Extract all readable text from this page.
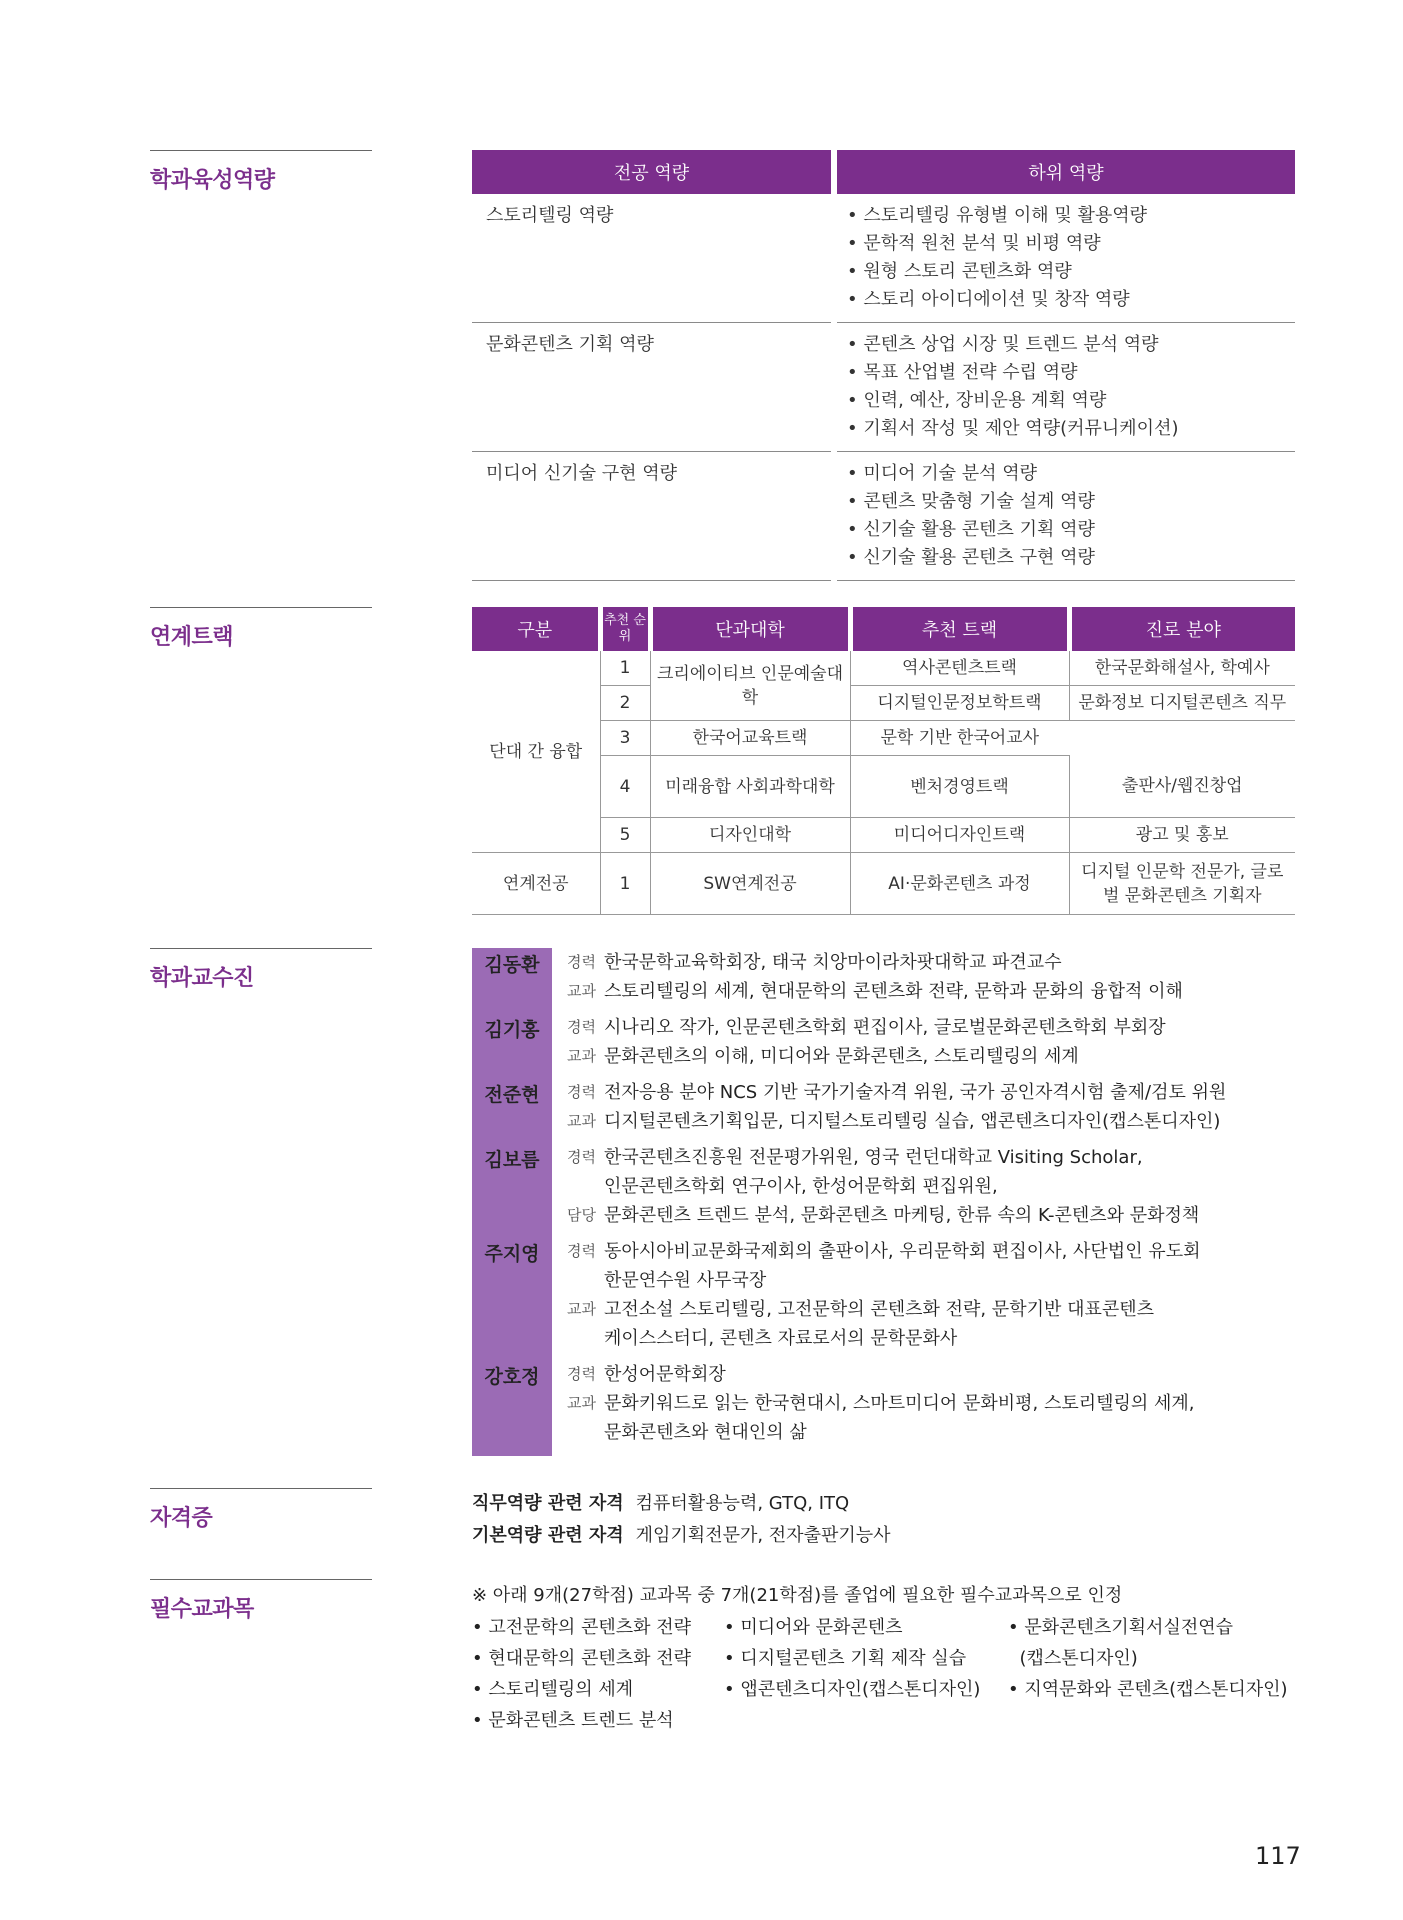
학과육성역량
연계트랙
학과교수진
자격증
필수교과목
전공 역량	하위 역량
스토리텔링 역량	• 스토리텔링 유형별 이해 및 활용역량
• 문학적 원천 분석 및 비평 역량
• 원형 스토리 콘텐츠화 역량
• 스토리 아이디에이션 및 창작 역량

문화콘텐츠 기획 역량	• 콘텐츠 상업 시장 및 트렌드 분석 역량
• 목표 산업별 전략 수립 역량
• 인력, 예산, 장비운용 계획 역량
• 기획서 작성 및 제안 역량(커뮤니케이션)

미디어 신기술 구현 역량	• 미디어 기술 분석 역량
• 콘텐츠 맞춤형 기술 설계 역량
• 신기술 활용 콘텐츠 기획 역량
• 신기술 활용 콘텐츠 구현 역량
구분	추천 순위	단과대학	추천 트랙	진로 분야
단대 간 융합	1	크리에이티브 인문예술대학	역사콘텐츠트랙	한국문화해설사, 학예사
	2		디지털인문정보학트랙	문화정보 디지털콘텐츠 직무
	3	한국어교육트랙	문학 기반 한국어교사	
	4	미래융합 사회과학대학	벤처경영트랙	출판사/웹진창업
	5	디자인대학	미디어디자인트랙	광고 및 홍보
연계전공	1	SW연계전공	AI·문화콘텐츠 과정	디지털 인문학 전문가, 글로벌 문화콘텐츠 기획자
김동환	경력 한국문학교육학회장, 태국 치앙마이라차팟대학교 파견교수
교과 스토리텔링의 세계, 현대문학의 콘텐츠화 전략, 문학과 문화의 융합적 이해
김기홍	경력 시나리오 작가, 인문콘텐츠학회 편집이사, 글로벌문화콘텐츠학회 부회장
교과 문화콘텐츠의 이해, 미디어와 문화콘텐츠, 스토리텔링의 세계
전준현	경력 전자응용 분야 NCS 기반 국가기술자격 위원, 국가 공인자격시험 출제/검토 위원
교과 디지털콘텐츠기획입문, 디지털스토리텔링 실습, 앱콘텐츠디자인(캡스톤디자인)
김보름	경력 한국콘텐츠진흥원 전문평가위원, 영국 런던대학교 Visiting Scholar,
인문콘텐츠학회 연구이사, 한성어문학회 편집위원,
담당 문화콘텐츠 트렌드 분석, 문화콘텐츠 마케팅, 한류 속의 K-콘텐츠와 문화정책
주지영	경력 동아시아비교문화국제회의 출판이사, 우리문학회 편집이사, 사단법인 유도회
한문연수원 사무국장
교과 고전소설 스토리텔링, 고전문학의 콘텐츠화 전략, 문학기반 대표콘텐츠
케이스스터디, 콘텐츠 자료로서의 문학문화사
강호정	경력 한성어문학회장
교과 문화키워드로 읽는 한국현대시, 스마트미디어 문화비평, 스토리텔링의 세계,
문화콘텐츠와 현대인의 삶
직무역량 관련 자격 컴퓨터활용능력, GTQ, ITQ
기본역량 관련 자격 게임기획전문가, 전자출판기능사
※ 아래 9개(27학점) 교과목 중 7개(21학점)를 졸업에 필요한 필수교과목으로 인정
• 고전문학의 콘텐츠화 전략	• 미디어와 문화콘텐츠	• 문화콘텐츠기획서실전연습
• 현대문학의 콘텐츠화 전략	• 디지털콘텐츠 기획 제작 실습	(캡스톤디자인)
• 스토리텔링의 세계	• 앱콘텐츠디자인(캡스톤디자인)	• 지역문화와 콘텐츠(캡스톤디자인)
• 문화콘텐츠 트렌드 분석
117
